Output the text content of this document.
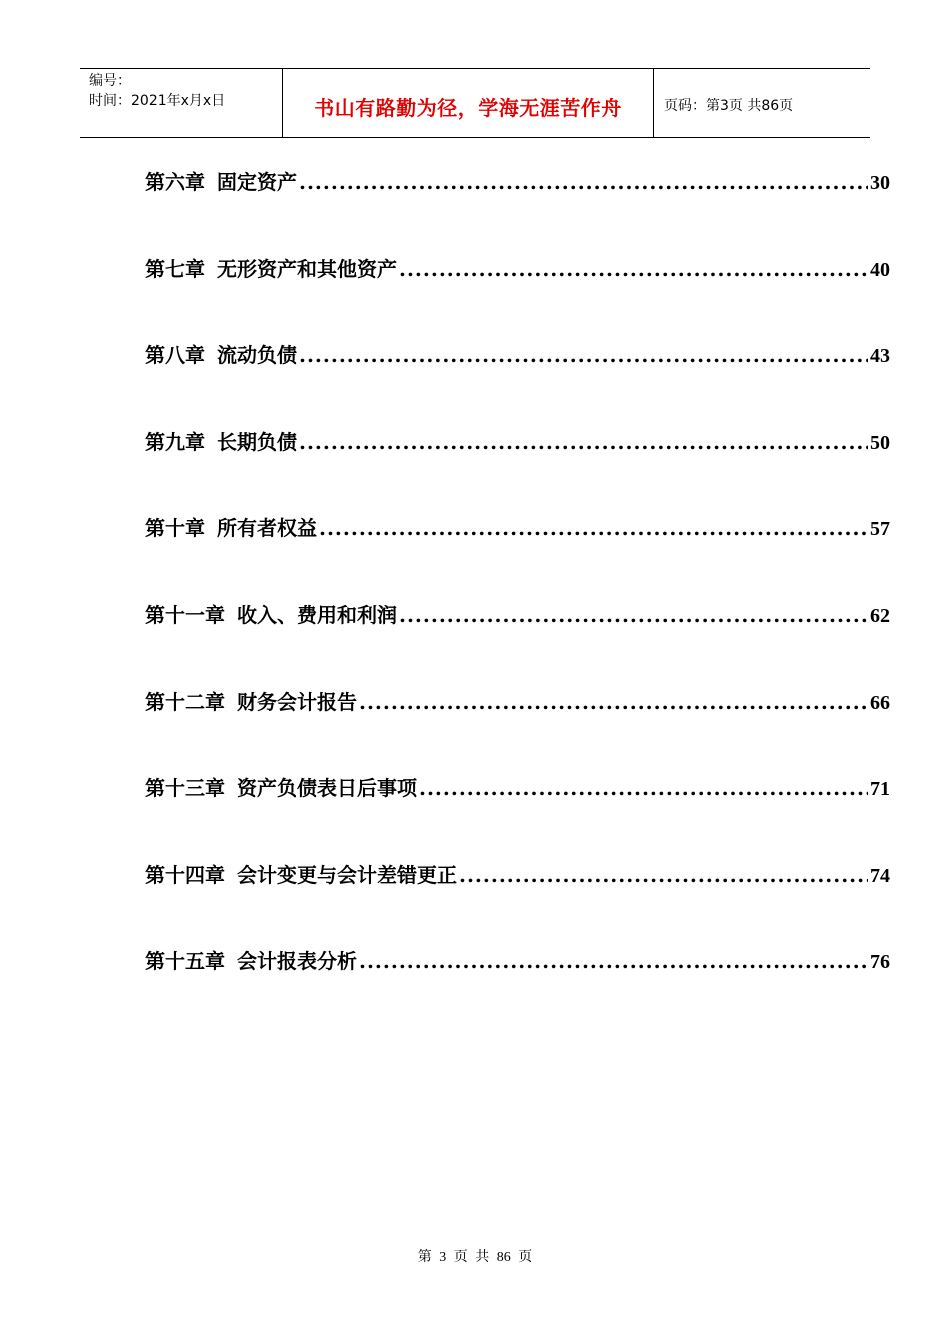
编号：
时间：2021年x月x日	书山有路勤为径，学海无涯苦作舟	页码：第3页 共86页
第六章 固定资产 .....	30
第七章 无形资产和其他资产 .....	40
第八章 流动负债 .....	43
第九章 长期负债 .....	50
第十章 所有者权益 .....	57
第十一章 收入、费用和利润 .....	62
第十二章 财务会计报告 .....	66
第十三章 资产负债表日后事项 .....	71
第十四章 会计变更与会计差错更正 .....	74
第十五章 会计报表分析 .....	76
第 3 页 共 86 页
